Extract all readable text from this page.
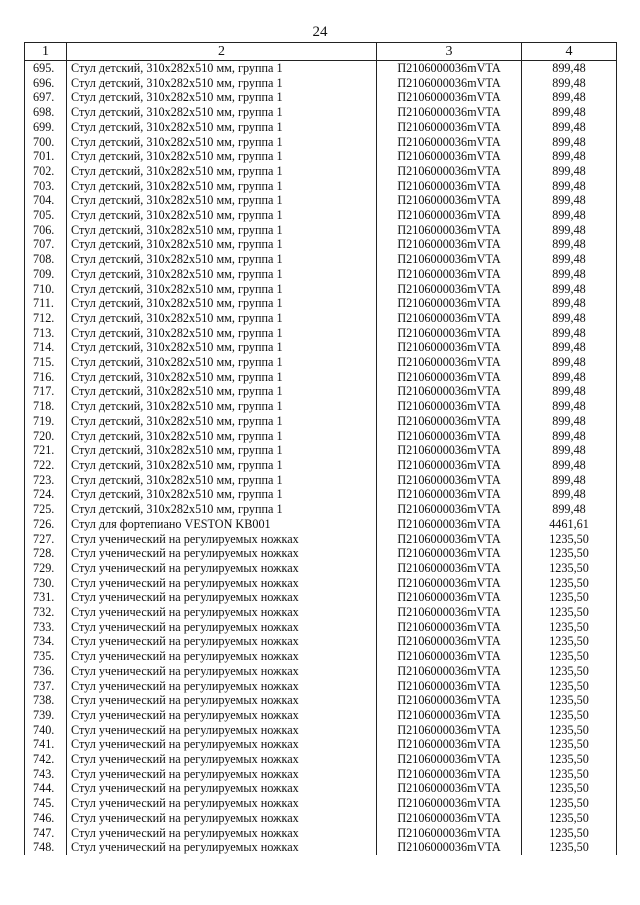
24
1	2	3	4
695.	Стул детский, 310x282x510 мм, группа 1	П2106000036mVTA	899,48
696.	Стул детский, 310x282x510 мм, группа 1	П2106000036mVTA	899,48
697.	Стул детский, 310x282x510 мм, группа 1	П2106000036mVTA	899,48
698.	Стул детский, 310x282x510 мм, группа 1	П2106000036mVTA	899,48
699.	Стул детский, 310x282x510 мм, группа 1	П2106000036mVTA	899,48
700.	Стул детский, 310x282x510 мм, группа 1	П2106000036mVTA	899,48
701.	Стул детский, 310x282x510 мм, группа 1	П2106000036mVTA	899,48
702.	Стул детский, 310x282x510 мм, группа 1	П2106000036mVTA	899,48
703.	Стул детский, 310x282x510 мм, группа 1	П2106000036mVTA	899,48
704.	Стул детский, 310x282x510 мм, группа 1	П2106000036mVTA	899,48
705.	Стул детский, 310x282x510 мм, группа 1	П2106000036mVTA	899,48
706.	Стул детский, 310x282x510 мм, группа 1	П2106000036mVTA	899,48
707.	Стул детский, 310x282x510 мм, группа 1	П2106000036mVTA	899,48
708.	Стул детский, 310x282x510 мм, группа 1	П2106000036mVTA	899,48
709.	Стул детский, 310x282x510 мм, группа 1	П2106000036mVTA	899,48
710.	Стул детский, 310x282x510 мм, группа 1	П2106000036mVTA	899,48
711.	Стул детский, 310x282x510 мм, группа 1	П2106000036mVTA	899,48
712.	Стул детский, 310x282x510 мм, группа 1	П2106000036mVTA	899,48
713.	Стул детский, 310x282x510 мм, группа 1	П2106000036mVTA	899,48
714.	Стул детский, 310x282x510 мм, группа 1	П2106000036mVTA	899,48
715.	Стул детский, 310x282x510 мм, группа 1	П2106000036mVTA	899,48
716.	Стул детский, 310x282x510 мм, группа 1	П2106000036mVTA	899,48
717.	Стул детский, 310x282x510 мм, группа 1	П2106000036mVTA	899,48
718.	Стул детский, 310x282x510 мм, группа 1	П2106000036mVTA	899,48
719.	Стул детский, 310x282x510 мм, группа 1	П2106000036mVTA	899,48
720.	Стул детский, 310x282x510 мм, группа 1	П2106000036mVTA	899,48
721.	Стул детский, 310x282x510 мм, группа 1	П2106000036mVTA	899,48
722.	Стул детский, 310x282x510 мм, группа 1	П2106000036mVTA	899,48
723.	Стул детский, 310x282x510 мм, группа 1	П2106000036mVTA	899,48
724.	Стул детский, 310x282x510 мм, группа 1	П2106000036mVTA	899,48
725.	Стул детский, 310x282x510 мм, группа 1	П2106000036mVTA	899,48
726.	Стул для фортепиано VESTON KB001	П2106000036mVTA	4461,61
727.	Стул ученический на регулируемых ножках	П2106000036mVTA	1235,50
728.	Стул ученический на регулируемых ножках	П2106000036mVTA	1235,50
729.	Стул ученический на регулируемых ножках	П2106000036mVTA	1235,50
730.	Стул ученический на регулируемых ножках	П2106000036mVTA	1235,50
731.	Стул ученический на регулируемых ножках	П2106000036mVTA	1235,50
732.	Стул ученический на регулируемых ножках	П2106000036mVTA	1235,50
733.	Стул ученический на регулируемых ножках	П2106000036mVTA	1235,50
734.	Стул ученический на регулируемых ножках	П2106000036mVTA	1235,50
735.	Стул ученический на регулируемых ножках	П2106000036mVTA	1235,50
736.	Стул ученический на регулируемых ножках	П2106000036mVTA	1235,50
737.	Стул ученический на регулируемых ножках	П2106000036mVTA	1235,50
738.	Стул ученический на регулируемых ножках	П2106000036mVTA	1235,50
739.	Стул ученический на регулируемых ножках	П2106000036mVTA	1235,50
740.	Стул ученический на регулируемых ножках	П2106000036mVTA	1235,50
741.	Стул ученический на регулируемых ножках	П2106000036mVTA	1235,50
742.	Стул ученический на регулируемых ножках	П2106000036mVTA	1235,50
743.	Стул ученический на регулируемых ножках	П2106000036mVTA	1235,50
744.	Стул ученический на регулируемых ножках	П2106000036mVTA	1235,50
745.	Стул ученический на регулируемых ножках	П2106000036mVTA	1235,50
746.	Стул ученический на регулируемых ножках	П2106000036mVTA	1235,50
747.	Стул ученический на регулируемых ножках	П2106000036mVTA	1235,50
748.	Стул ученический на регулируемых ножках	П2106000036mVTA	1235,50
